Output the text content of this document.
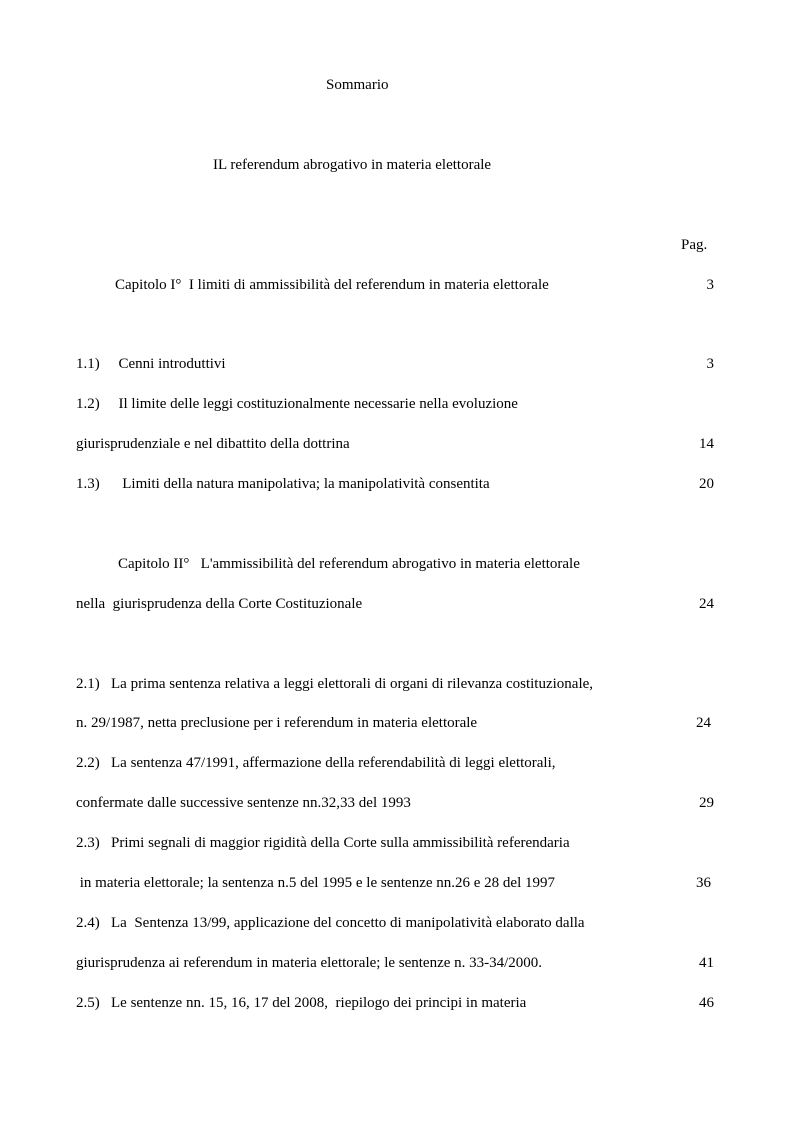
Sommario
IL referendum abrogativo in materia elettorale
Pag.
Capitolo I°  I limiti di ammissibilità del referendum in materia elettorale	3
1.1)     Cenni introduttivi	3
1.2)     Il limite delle leggi costituzionalmente necessarie nella evoluzione
giurisprudenziale e nel dibattito della dottrina	14
1.3)      Limiti della natura manipolativa; la manipolatività consentita	20
Capitolo II°   L'ammissibilità del referendum abrogativo in materia elettorale
nella  giurisprudenza della Corte Costituzionale	24
2.1)   La prima sentenza relativa a leggi elettorali di organi di rilevanza costituzionale,
n. 29/1987, netta preclusione per i referendum in materia elettorale	24
2.2)   La sentenza 47/1991, affermazione della referendabilità di leggi elettorali,
confermate dalle successive sentenze nn.32,33 del 1993	29
2.3)   Primi segnali di maggior rigidità della Corte sulla ammissibilità referendaria
in materia elettorale; la sentenza n.5 del 1995 e le sentenze nn.26 e 28 del 1997	36
2.4)   La  Sentenza 13/99, applicazione del concetto di manipolatività elaborato dalla
giurisprudenza ai referendum in materia elettorale; le sentenze n. 33-34/2000.	41
2.5)   Le sentenze nn. 15, 16, 17 del 2008,  riepilogo dei principi in materia	46
